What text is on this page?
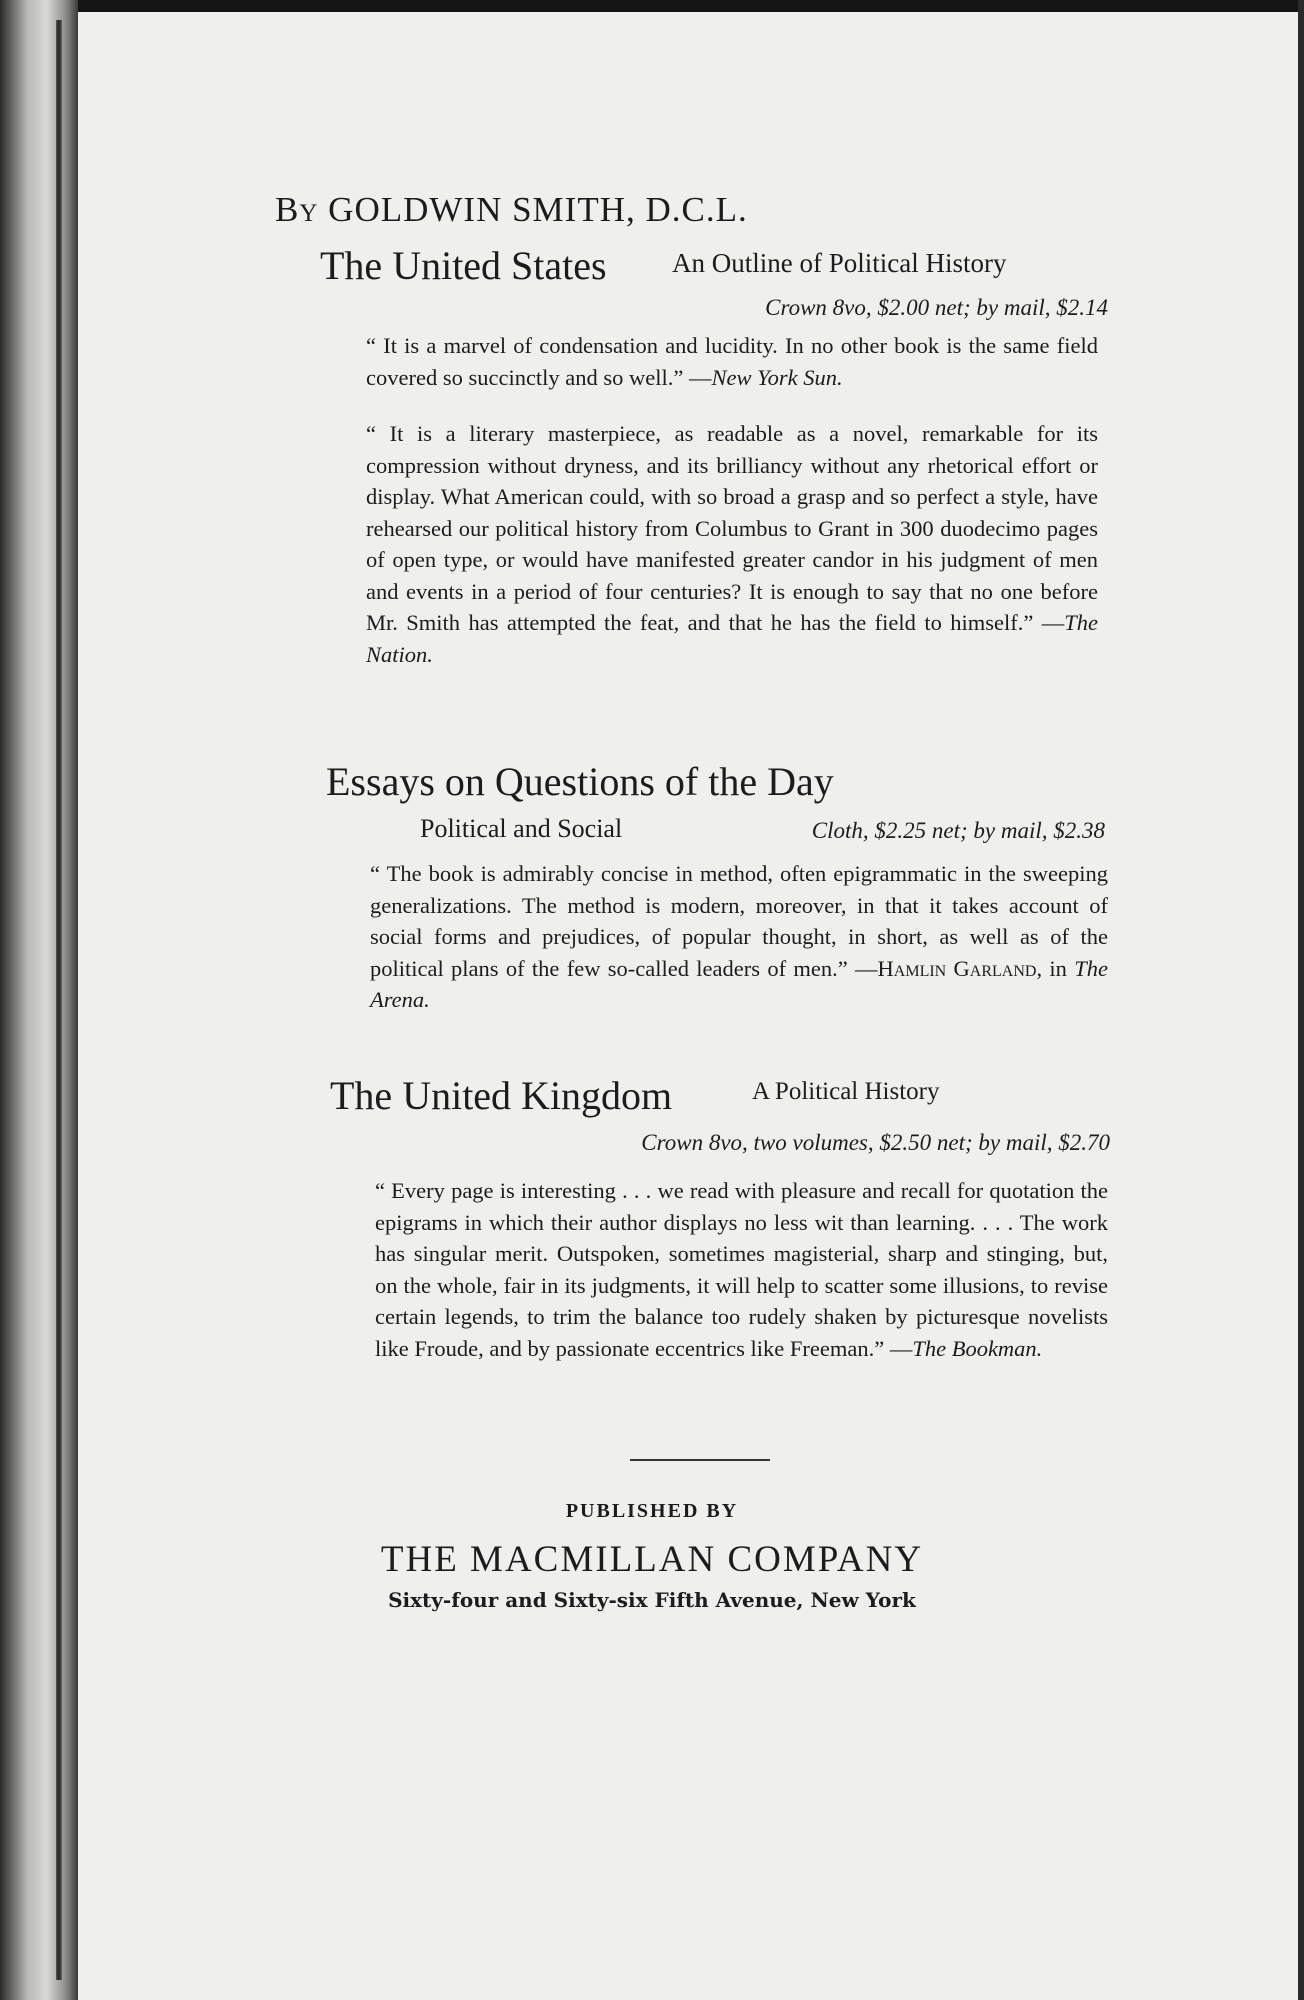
BY GOLDWIN SMITH, D.C.L.
The United States An Outline of Political History
Crown 8vo, $2.00 net; by mail, $2.14
“ It is a marvel of condensation and lucidity. In no other book is the same field covered so succinctly and so well.” —New York Sun.
“ It is a literary masterpiece, as readable as a novel, remarkable for its compression without dryness, and its brilliancy without any rhetorical effort or display. What American could, with so broad a grasp and so perfect a style, have rehearsed our political history from Columbus to Grant in 300 duodecimo pages of open type, or would have manifested greater candor in his judgment of men and events in a period of four centuries? It is enough to say that no one before Mr. Smith has attempted the feat, and that he has the field to himself.” —The Nation.
Essays on Questions of the Day
Political and Social	Cloth, $2.25 net; by mail, $2.38
“ The book is admirably concise in method, often epigrammatic in the sweeping generalizations. The method is modern, moreover, in that it takes account of social forms and prejudices, of popular thought, in short, as well as of the political plans of the few so-called leaders of men.” —Hamlin Garland, in The Arena.
The United Kingdom	A Political History
Crown 8vo, two volumes, $2.50 net; by mail, $2.70
“ Every page is interesting . . . we read with pleasure and recall for quotation the epigrams in which their author displays no less wit than learning. . . . The work has singular merit. Outspoken, sometimes magisterial, sharp and stinging, but, on the whole, fair in its judgments, it will help to scatter some illusions, to revise certain legends, to trim the balance too rudely shaken by picturesque novelists like Froude, and by passionate eccentrics like Freeman.” —The Bookman.
PUBLISHED BY
THE MACMILLAN COMPANY
Sixty-four and Sixty-six Fifth Avenue, New York
